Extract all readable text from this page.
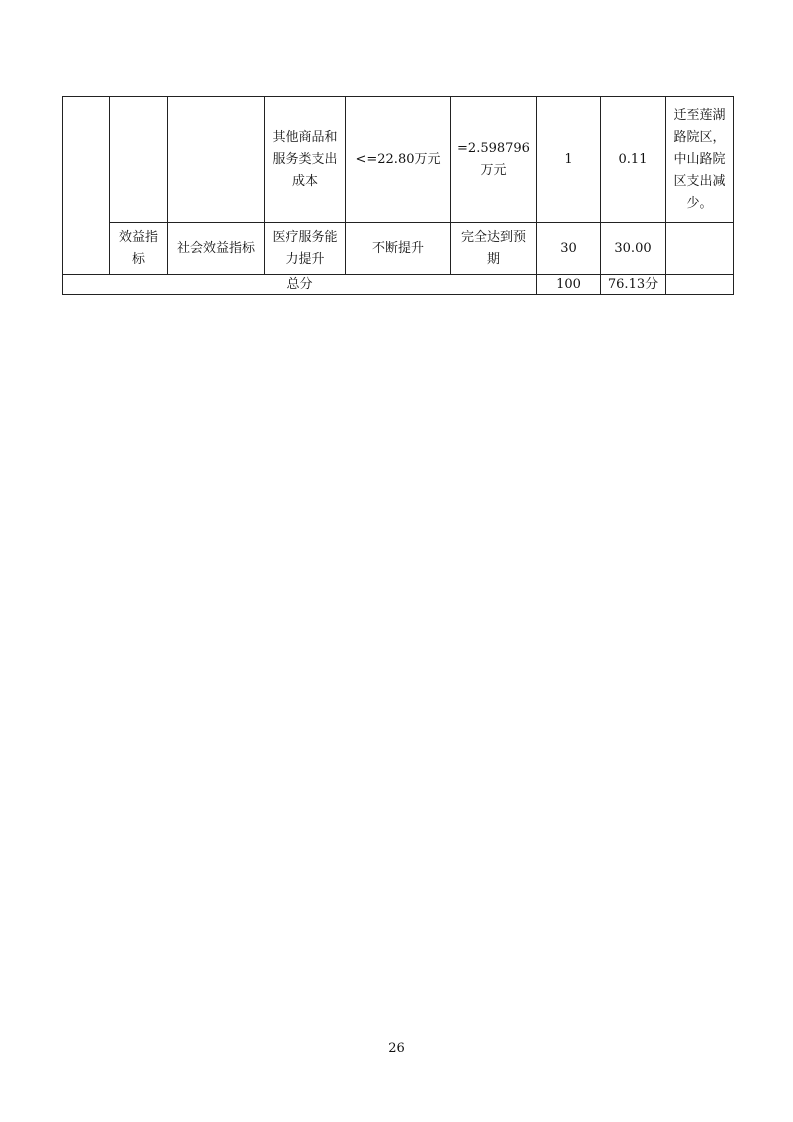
			其他商品和服务类支出成本	<=22.80万元	=2.598796万元	1	0.11	迁至莲湖路院区，中山路院区支出减少。
	效益指标	社会效益指标	医疗服务能力提升	不断提升	完全达到预期	30	30.00	
总分						100	76.13分	
26
